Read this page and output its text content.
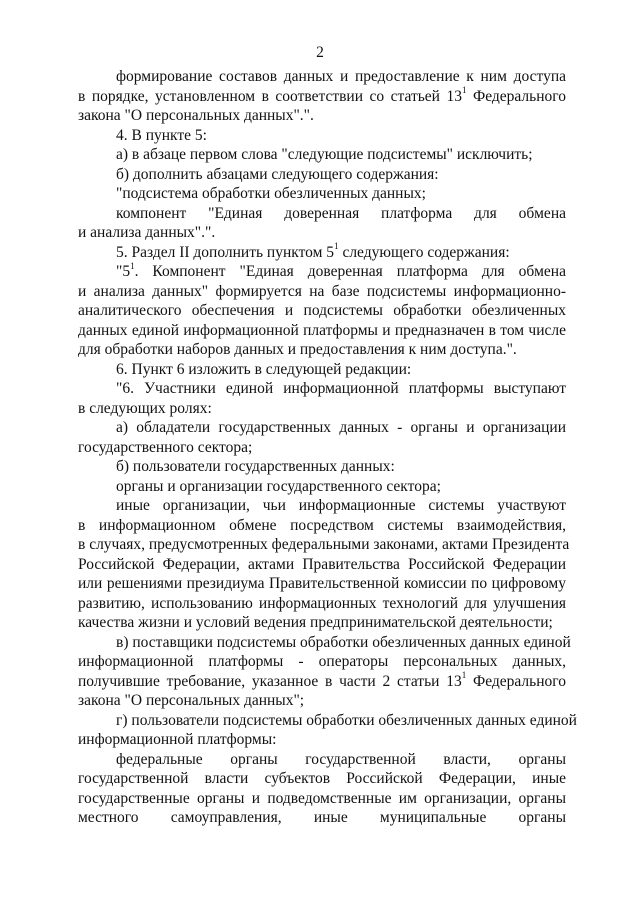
2
формирование составов данных и предоставление к ним доступа
в порядке, установленном в соответствии со статьей $13^1$ Федерального
закона "О персональных данных".".
4. В пункте 5:
а) в абзаце первом слова "следующие подсистемы" исключить;
б) дополнить абзацами следующего содержания:
"подсистема обработки обезличенных данных;
компонент "Единая доверенная платформа для обмена
и анализа данных".".
5. Раздел II дополнить пунктом $5^1$ следующего содержания:
"$5^1$. Компонент "Единая доверенная платформа для обмена
и анализа данных" формируется на базе подсистемы информационно-
аналитического обеспечения и подсистемы обработки обезличенных
данных единой информационной платформы и предназначен в том числе
для обработки наборов данных и предоставления к ним доступа.".
6. Пункт 6 изложить в следующей редакции:
"6. Участники единой информационной платформы выступают
в следующих ролях:
а) обладатели государственных данных - органы и организации
государственного сектора;
б) пользователи государственных данных:
органы и организации государственного сектора;
иные организации, чьи информационные системы участвуют
в информационном обмене посредством системы взаимодействия,
в случаях, предусмотренных федеральными законами, актами Президента
Российской Федерации, актами Правительства Российской Федерации
или решениями президиума Правительственной комиссии по цифровому
развитию, использованию информационных технологий для улучшения
качества жизни и условий ведения предпринимательской деятельности;
в) поставщики подсистемы обработки обезличенных данных единой
информационной платформы - операторы персональных данных,
получившие требование, указанное в части 2 статьи $13^1$ Федерального
закона "О персональных данных";
г) пользователи подсистемы обработки обезличенных данных единой
информационной платформы:
федеральные органы государственной власти, органы
государственной власти субъектов Российской Федерации, иные
государственные органы и подведомственные им организации, органы
местного самоуправления, иные муниципальные органы
